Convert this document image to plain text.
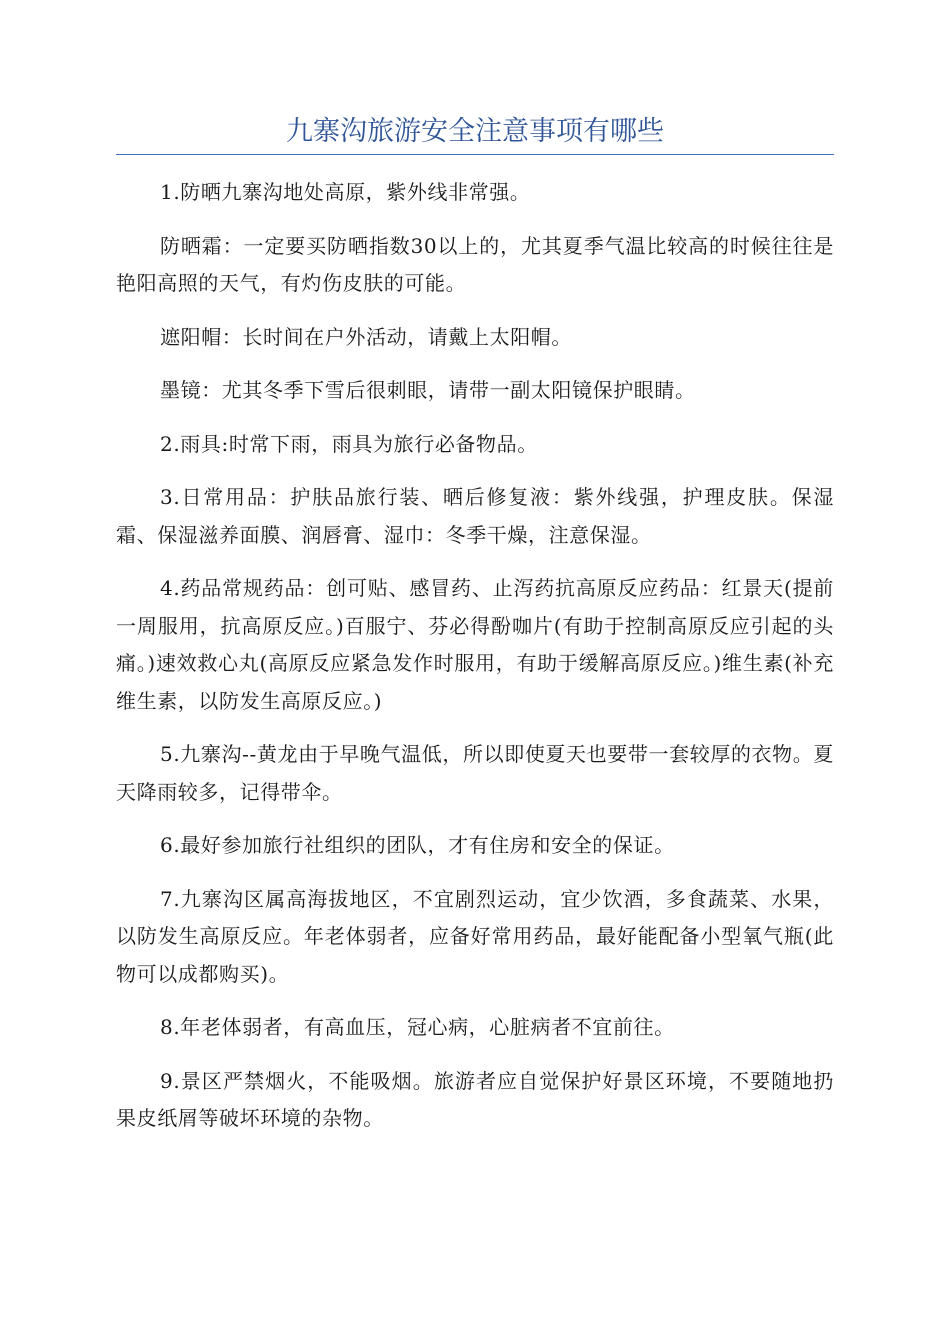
九寨沟旅游安全注意事项有哪些

1.防晒九寨沟地处高原，紫外线非常强。

防晒霜：一定要买防晒指数30以上的，尤其夏季气温比较高的时候往往是艳阳高照的天气，有灼伤皮肤的可能。

遮阳帽：长时间在户外活动，请戴上太阳帽。

墨镜：尤其冬季下雪后很刺眼，请带一副太阳镜保护眼睛。

2.雨具:时常下雨，雨具为旅行必备物品。

3.日常用品：护肤品旅行装、晒后修复液：紫外线强，护理皮肤。保湿霜、保湿滋养面膜、润唇膏、湿巾：冬季干燥，注意保湿。

4.药品常规药品：创可贴、感冒药、止泻药抗高原反应药品：红景天(提前一周服用，抗高原反应。)百服宁、芬必得酚咖片(有助于控制高原反应引起的头痛。)速效救心丸(高原反应紧急发作时服用，有助于缓解高原反应。)维生素(补充维生素，以防发生高原反应。)

5.九寨沟--黄龙由于早晚气温低，所以即使夏天也要带一套较厚的衣物。夏天降雨较多，记得带伞。

6.最好参加旅行社组织的团队，才有住房和安全的保证。

7.九寨沟区属高海拔地区，不宜剧烈运动，宜少饮酒，多食蔬菜、水果，以防发生高原反应。年老体弱者，应备好常用药品，最好能配备小型氧气瓶(此物可以成都购买)。

8.年老体弱者，有高血压，冠心病，心脏病者不宜前往。

9.景区严禁烟火，不能吸烟。旅游者应自觉保护好景区环境，不要随地扔果皮纸屑等破坏环境的杂物。
